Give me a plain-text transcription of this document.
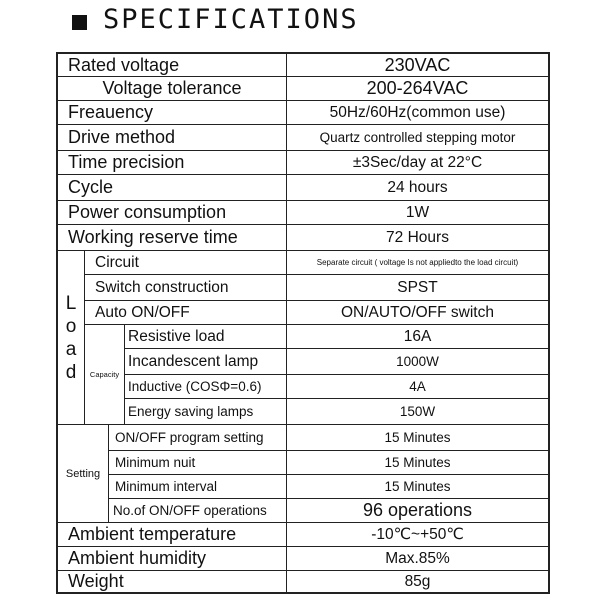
SPECIFICATIONS
Rated voltage	230VAC
Voltage tolerance	200-264VAC
Freauency	50Hz/60Hz(common use)
Drive method	Quartz controlled stepping motor
Time precision	±3Sec/day at 22°C
Cycle	24 hours
Power consumption	1W
Working reserve time	72 Hours
L
o
a
d
Circuit	Separate circuit ( voltage Is not appliedto the load circuit)
Switch construction	SPST
Auto ON/OFF	ON/AUTO/OFF switch
Capacity
Resistive load	16A
Incandescent lamp	1000W
Inductive (COSΦ=0.6)	4A
Energy saving lamps	150W
Setting
ON/OFF program setting	15 Minutes
Minimum nuit	15 Minutes
Minimum interval	15 Minutes
No.of ON/OFF operations	96 operations
Ambient temperature	-10℃~+50℃
Ambient humidity	Max.85%
Weight	85g
